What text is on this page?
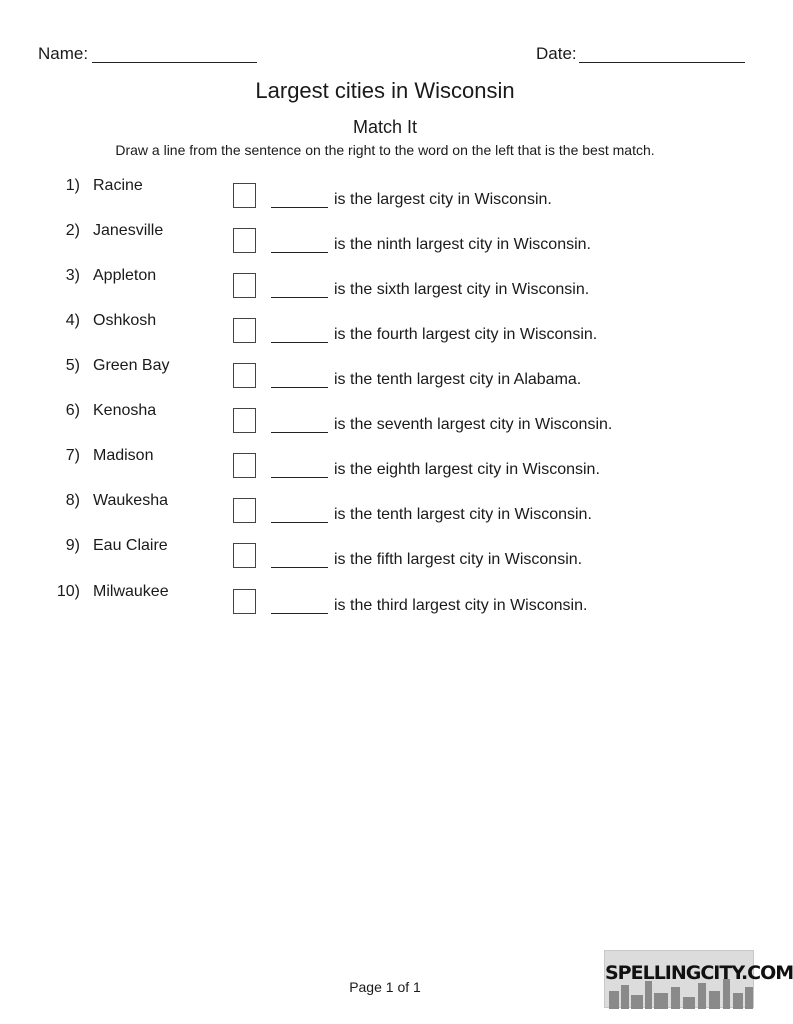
Name:	Date:
Largest cities in Wisconsin
Match It
Draw a line from the sentence on the right to the word on the left that is the best match.
1) Racine
is the largest city in Wisconsin.
2) Janesville
is the ninth largest city in Wisconsin.
3) Appleton
is the sixth largest city in Wisconsin.
4) Oshkosh
is the fourth largest city in Wisconsin.
5) Green Bay
is the tenth largest city in Alabama.
6) Kenosha
is the seventh largest city in Wisconsin.
7) Madison
is the eighth largest city in Wisconsin.
8) Waukesha
is the tenth largest city in Wisconsin.
9) Eau Claire
is the fifth largest city in Wisconsin.
10) Milwaukee
is the third largest city in Wisconsin.
Page 1 of 1
SPELLINGCITY.COM
